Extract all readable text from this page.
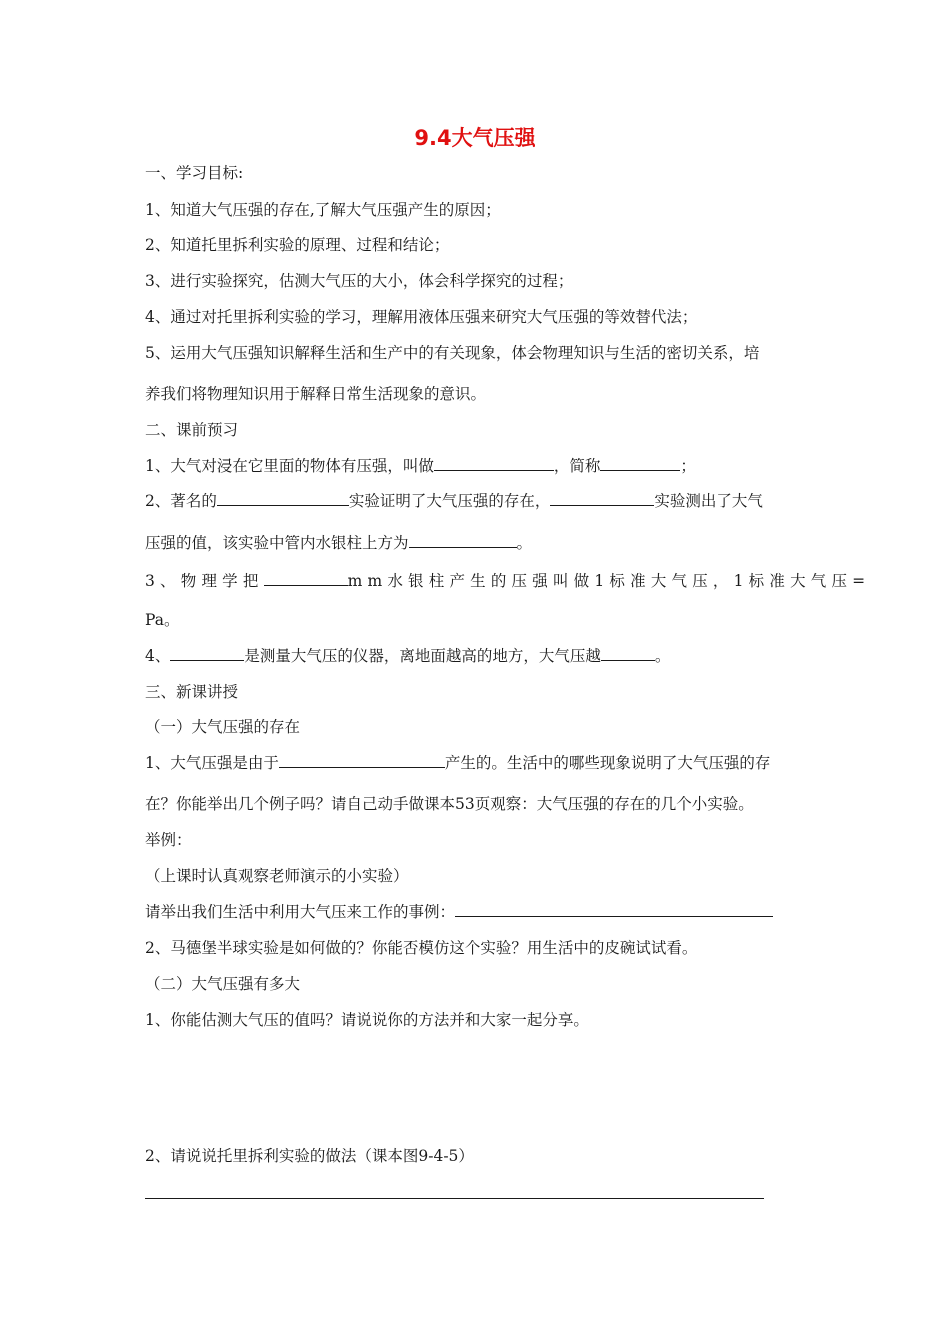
9.4大气压强
一、学习目标:
1、知道大气压强的存在,了解大气压强产生的原因；
2、知道托里拆利实验的原理、过程和结论；
3、进行实验探究，估测大气压的大小，体会科学探究的过程；
4、通过对托里拆利实验的学习，理解用液体压强来研究大气压强的等效替代法；
5、运用大气压强知识解释生活和生产中的有关现象，体会物理知识与生活的密切关系，培
养我们将物理知识用于解释日常生活现象的意识。
二、课前预习
1、大气对浸在它里面的物体有压强，叫做	，简称	；
2、著名的	实验证明了大气压强的存在，	实验测出了大气
压强的值，该实验中管内水银柱上方为	。
3、物理学把	mm水银柱产生的压强叫做1标准大气压，1标准大气压=
Pa。
4、	是测量大气压的仪器，离地面越高的地方，大气压越	。
三、新课讲授
（一）大气压强的存在
1、大气压强是由于	产生的。生活中的哪些现象说明了大气压强的存
在？你能举出几个例子吗？请自己动手做课本53页观察：大气压强的存在的几个小实验。
举例：
（上课时认真观察老师演示的小实验）
请举出我们生活中利用大气压来工作的事例：
2、马德堡半球实验是如何做的？你能否模仿这个实验？用生活中的皮碗试试看。
（二）大气压强有多大
1、你能估测大气压的值吗？请说说你的方法并和大家一起分享。
2、请说说托里拆利实验的做法（课本图9-4-5）
